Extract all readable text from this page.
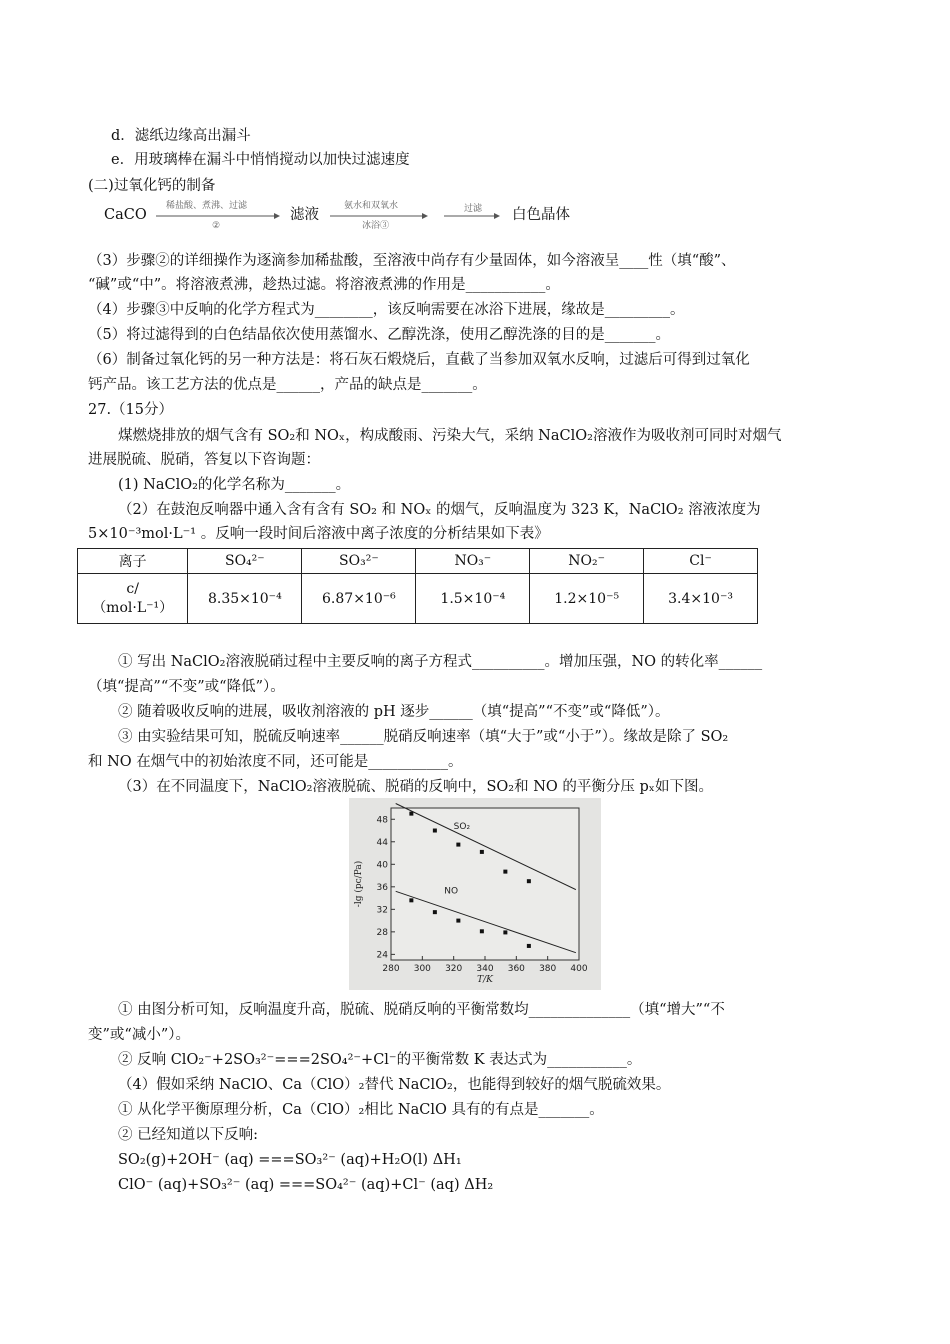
d．滤纸边缘高出漏斗
e．用玻璃棒在漏斗中悄悄搅动以加快过滤速度
(二)过氧化钙的制备
CaCO
稀盐酸、煮沸、过滤
②
滤液
氨水和双氧水
冰浴③
过滤 白色晶体
（3）步骤②的详细操作为逐滴参加稀盐酸，至溶液中尚存有少量固体，如今溶液呈____性（填“酸”、
“碱”或“中”。将溶液煮沸，趁热过滤。将溶液煮沸的作用是___________。
（4）步骤③中反响的化学方程式为________，该反响需要在冰浴下进展，缘故是_________。
（5）将过滤得到的白色结晶依次使用蒸馏水、乙醇洗涤，使用乙醇洗涤的目的是_______。
（6）制备过氧化钙的另一种方法是：将石灰石煅烧后，直截了当参加双氧水反响，过滤后可得到过氧化
钙产品。该工艺方法的优点是______，产品的缺点是_______。
27.（15分）
煤燃烧排放的烟气含有 SO₂和 NOₓ，构成酸雨、污染大气，采纳 NaClO₂溶液作为吸收剂可同时对烟气
进展脱硫、脱硝，答复以下咨询题：
(1) NaClO₂的化学名称为_______。
（2）在鼓泡反响器中通入含有含有 SO₂ 和 NOₓ 的烟气，反响温度为 323 K，NaClO₂ 溶液浓度为
5×10⁻³mol·L⁻¹ 。反响一段时间后溶液中离子浓度的分析结果如下表》
离子	SO₄²⁻	SO₃²⁻	NO₃⁻	NO₂⁻	Cl⁻

c/
（mol·L⁻¹）	8.35×10⁻⁴	6.87×10⁻⁶	1.5×10⁻⁴	1.2×10⁻⁵	3.4×10⁻³
① 写出 NaClO₂溶液脱硝过程中主要反响的离子方程式__________。增加压强，NO 的转化率______
（填“提高”“不变”或“降低”）。
② 随着吸收反响的进展，吸收剂溶液的 pH 逐步______（填“提高”“不变”或“降低”）。
③ 由实验结果可知，脱硫反响速率______脱硝反响速率（填“大于”或“小于”）。缘故是除了 SO₂
和 NO 在烟气中的初始浓度不同，还可能是___________。
（3）在不同温度下，NaClO₂溶液脱硫、脱硝的反响中，SO₂和 NO 的平衡分压 pₓ如下图。
280 300 320 340 360 380 400
24
28
32
36
40
44
48
T/K
-lg (pc/Pa)
SO₂
NO
① 由图分析可知，反响温度升高，脱硫、脱硝反响的平衡常数均______________（填“增大”“不
变”或“减小”）。
② 反响 ClO₂⁻+2SO₃²⁻===2SO₄²⁻+Cl⁻的平衡常数 K 表达式为___________。
（4）假如采纳 NaClO、Ca（ClO）₂替代 NaClO₂，也能得到较好的烟气脱硫效果。
① 从化学平衡原理分析，Ca（ClO）₂相比 NaClO 具有的有点是_______。
② 已经知道以下反响:
SO₂(g)+2OH⁻ (aq) ===SO₃²⁻ (aq)+H₂O(l) ΔH₁
ClO⁻ (aq)+SO₃²⁻ (aq) ===SO₄²⁻ (aq)+Cl⁻ (aq) ΔH₂
